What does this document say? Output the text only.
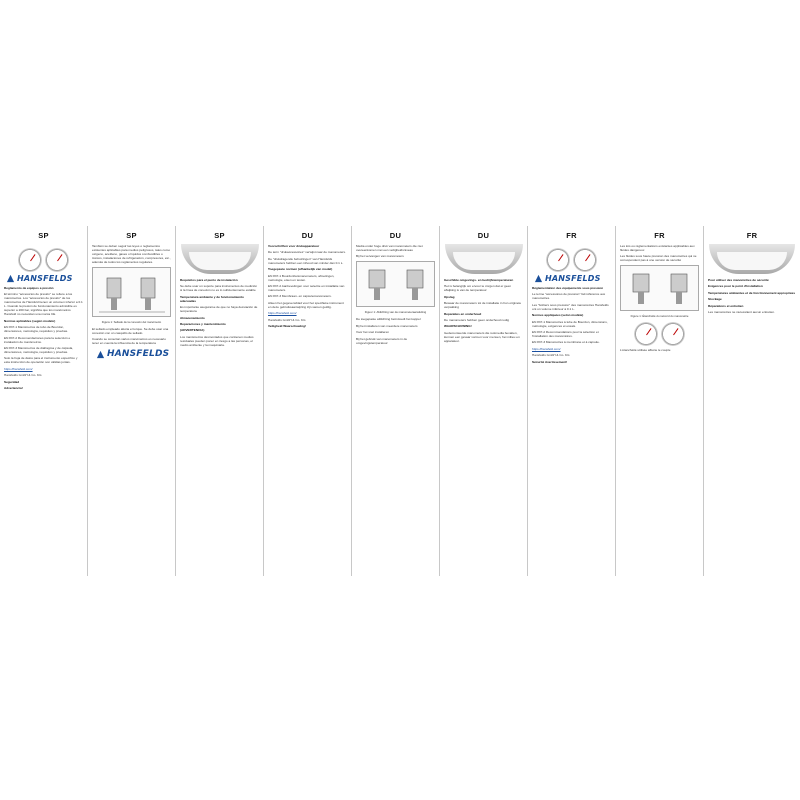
SP
HANSFELDS

Reglamento de equipos a presión

El término "accesorios de presión" se refiere a los manómetros. Los "accesorios de presión" de los manómetros de Hansfeld tienen un volumen inferior a 0.1 L. Cuando la presión de funcionamiento admisible es superior a 200 bar, significa que los manómetros Hansfeld no necesitan una marca CE.

Normas aplicables (según modelo)

EN 837-1 Manómetros de tubo de Bourdon, dimensiones, metrología, requisitos y pruebas.

EN 837-2 Recomendaciones para la selección e instalación de manómetros.

EN 837-3 Manómetros de diafragma y de cápsula, dimensiones, metrología, requisitos y pruebas.

Solo la hoja de datos para el instrumento específico y esta instrucción de operación son válidas juntas.

https://hansfeld.com/

Hansfelds GmbH & Co. KG

Seguridad

Advertencia!

SP

También se deben seguir las leyes o reglamentos existentes aplicables para medios peligrosos, tales como oxígeno, acetileno, gases o líquidos combustibles o tóxicos, instalaciones de refrigeración, compresores, etc., además de todos los reglamentos regulares.

Figura 1: Sellado de la conexión del manómetro

El sellado empleado afecta el torque. Se debe usar una conexión con un casquillo de sellado

Cuando se conectan varios manómetros es necesario tener en cuenta la influencia de la temperatura

HANSFELDS
SP

Requisitos para el punto de instalación

Se debe usar un soporte para instrumentos de medición si la línea de conexión no es lo suficientemente estable

Temperatura ambiente y de funcionamiento adecuadas

Es importante asegurarse de que no haya desviación de temperatura

Almacenamiento

Reparaciones y mantenimiento

(ADVERTENCIA)

Los manómetros desmontados que contienen medios residuales pueden poner en riesgo a las personas, el medio ambiente y la maquinaria.

DU

Voorschriften voor drukapparatuur

De term "drukaccessoires" verwijst naar de manometers.

De "drukdragende behuizingen" van Hansfelds manometers hebben een inhoud van minder dan 0.1 L.

Toegepaste normen (afhankelijk van model)

EN 837-1 Bourdonbuismanometers, afmetingen, metrologie, eisen en testen.

EN 837-2 Aanbevelingen voor selectie en installatie van manometers.

EN 837-3 Membraan- en capsulemanometers.

Alleen het gegevensblad voor het specifieke instrument en deze gebruiksaanwijzing zijn samen geldig.

https://hansfeld.com/

Hansfelds GmbH & Co. KG

Veiligheid Waarschuwing!

DU

Media onder hoge druk van manometers die niet overeenkomen met een veiligheidsniveau

Bij het vervangen van manometers

Figuur 1: Afdichting van de manometeraansluiting

De toegepaste afdichting beïnvloedt het koppel

Bij het installeren van meerdere manometers

Voor het snel installeren

Bij het gebruik van manometers in de omgevingstemperatuur

DU

Geschikte omgevings- en bedrijfstemperaturen

Het is belangrijk om ervoor te zorgen dat er geen afwijking is van de temperatuur

Opslag

Bewaar de manometers tot de installatie in hun originele verpakking

Reparaties en onderhoud

De manometers hebben geen onderhoud nodig

WAARSCHUWING!

Gedemonteerde manometers die restmedia bevatten, kunnen een gevaar vormen voor mensen, het milieu en apparatuur.

FR
HANSFELDS

Réglementation des équipements sous pression

Le terme "accessoires de pression" fait référence aux manomètres.

Les "boîtiers sous pression" des manomètres Hansfelds ont un volume inférieur à 0.1 L.

Normes appliquées (selon modèle)

EN 837-1 Manomètres à tube de Bourdon, dimensions, métrologie, exigences et essais.

EN 837-2 Recommandations pour la sélection et l'installation des manomètres.

EN 837-3 Manomètres à membrane et à capsule.

https://hansfeld.com/

Hansfelds GmbH & Co. KG

Sécurité Avertissement!

FR

Les lois ou réglementations existantes applicables aux fluides dangereux

Les fluides sous haute pression des manomètres qui ne correspondent pas à une version de sécurité

Figure 1: Étanchéité du raccord du manomètre

L'étanchéité utilisée affecte le couple

FR

Pour utiliser des manomètres de sécurité

Exigences pour le point d'installation

Températures ambiantes et de fonctionnement appropriées

Stockage

Réparations et entretien

Les manomètres ne nécessitent aucun entretien.
